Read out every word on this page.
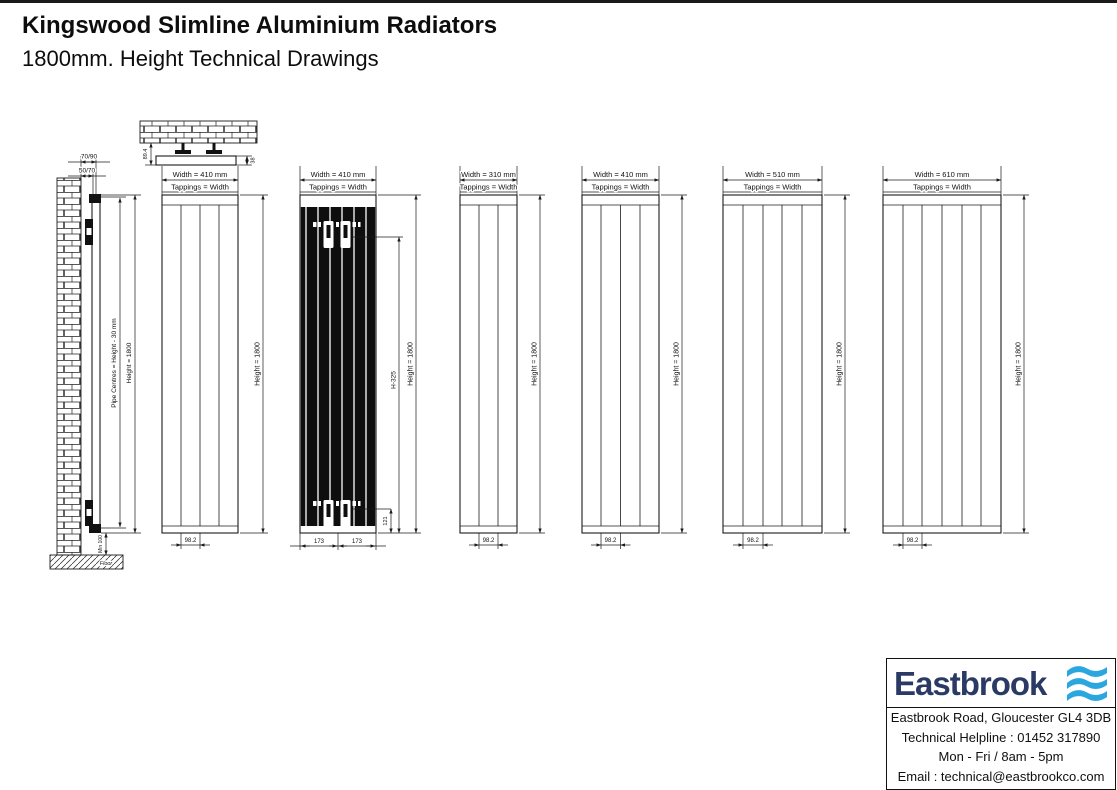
Kingswood Slimline Aluminium Radiators
1800mm. Height Technical Drawings
Floor
70/90
50/70
Pipe Centres = Height - 30 mm Height = 1800
Min 100
89.4
38
Width = 410 mm
Tappings = Width
Height = 1800
98.2
Width = 410 mm
Tappings = Width
H-325
121
Height = 1800
173	173
Width = 310 mm
Tappings = Width
Height = 1800
98.2
Width = 410 mm
Tappings = Width
Height = 1800
98.2
Width = 510 mm
Tappings = Width
Height = 1800
98.2
Width = 610 mm
Tappings = Width
Height = 1800
98.2
Eastbrook
Eastbrook Road, Gloucester GL4 3DB
Technical Helpline : 01452 317890
Mon - Fri / 8am - 5pm
Email : technical@eastbrookco.com
